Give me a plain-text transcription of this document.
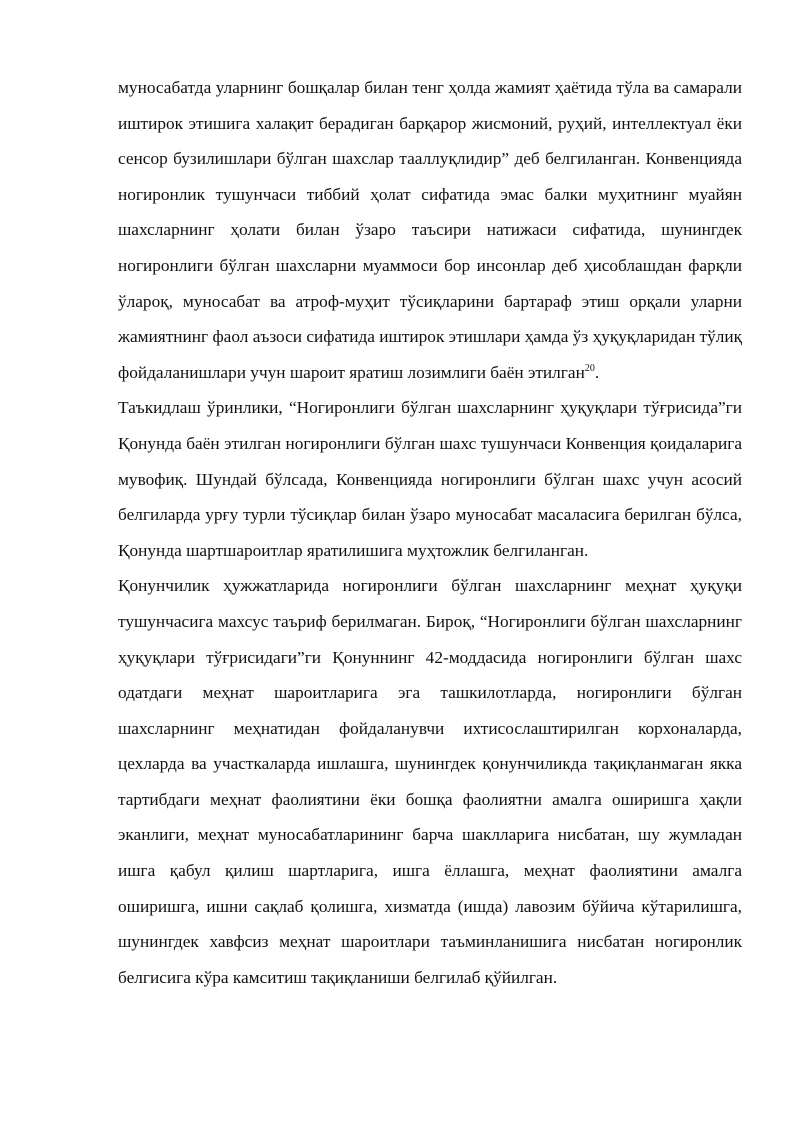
муносабатда уларнинг бошқалар билан тенг ҳолда жамият ҳаётида тўла ва самарали иштирок этишига халақит берадиган барқарор жисмоний, руҳий, интеллектуал ёки сенсор бузилишлари бўлган шахслар тааллуқлидир” деб белгиланган. Конвенцияда ногиронлик тушунчаси тиббий ҳолат сифатида эмас балки муҳитнинг муайян шахсларнинг ҳолати билан ўзаро таъсири натижаси сифатида, шунингдек ногиронлиги бўлган шахсларни муаммоси бор инсонлар деб ҳисоблашдан фарқли ўлароқ, муносабат ва атроф-муҳит тўсиқларини бартараф этиш орқали уларни жамиятнинг фаол аъзоси сифатида иштирок этишлари ҳамда ўз ҳуқуқларидан тўлиқ фойдаланишлари учун шароит яратиш лозимлиги баён этилган$^{20}$.

Таъкидлаш ўринлики, “Ногиронлиги бўлган шахсларнинг ҳуқуқлари тўғрисида”ги Қонунда баён этилган ногиронлиги бўлган шахс тушунчаси Конвенция қоидаларига мувофиқ. Шундай бўлсада, Конвенцияда ногиронлиги бўлган шахс учун асосий белгиларда урғу турли тўсиқлар билан ўзаро муносабат масаласига берилган бўлса, Қонунда шартшароитлар яратилишига муҳтожлик белгиланган.

Қонунчилик ҳужжатларида ногиронлиги бўлган шахсларнинг меҳнат ҳуқуқи тушунчасига махсус таъриф берилмаган. Бироқ, “Ногиронлиги бўлган шахсларнинг ҳуқуқлари тўғрисидаги”ги Қонуннинг 42-моддасида ногиронлиги бўлган шахс одатдаги меҳнат шароитларига эга ташкилотларда, ногиронлиги бўлган шахсларнинг меҳнатидан фойдаланувчи ихтисослаштирилган корхоналарда, цехларда ва участкаларда ишлашга, шунингдек қонунчиликда тақиқланмаган якка тартибдаги меҳнат фаолиятини ёки бошқа фаолиятни амалга оширишга ҳақли эканлиги, меҳнат муносабатларининг барча шаклларига нисбатан, шу жумладан ишга қабул қилиш шартларига, ишга ёллашга, меҳнат фаолиятини амалга оширишга, ишни сақлаб қолишга, хизматда (ишда) лавозим бўйича кўтарилишга, шунингдек хавфсиз меҳнат шароитлари таъминланишига нисбатан ногиронлик белгисига кўра камситиш тақиқланиши белгилаб қўйилган.
